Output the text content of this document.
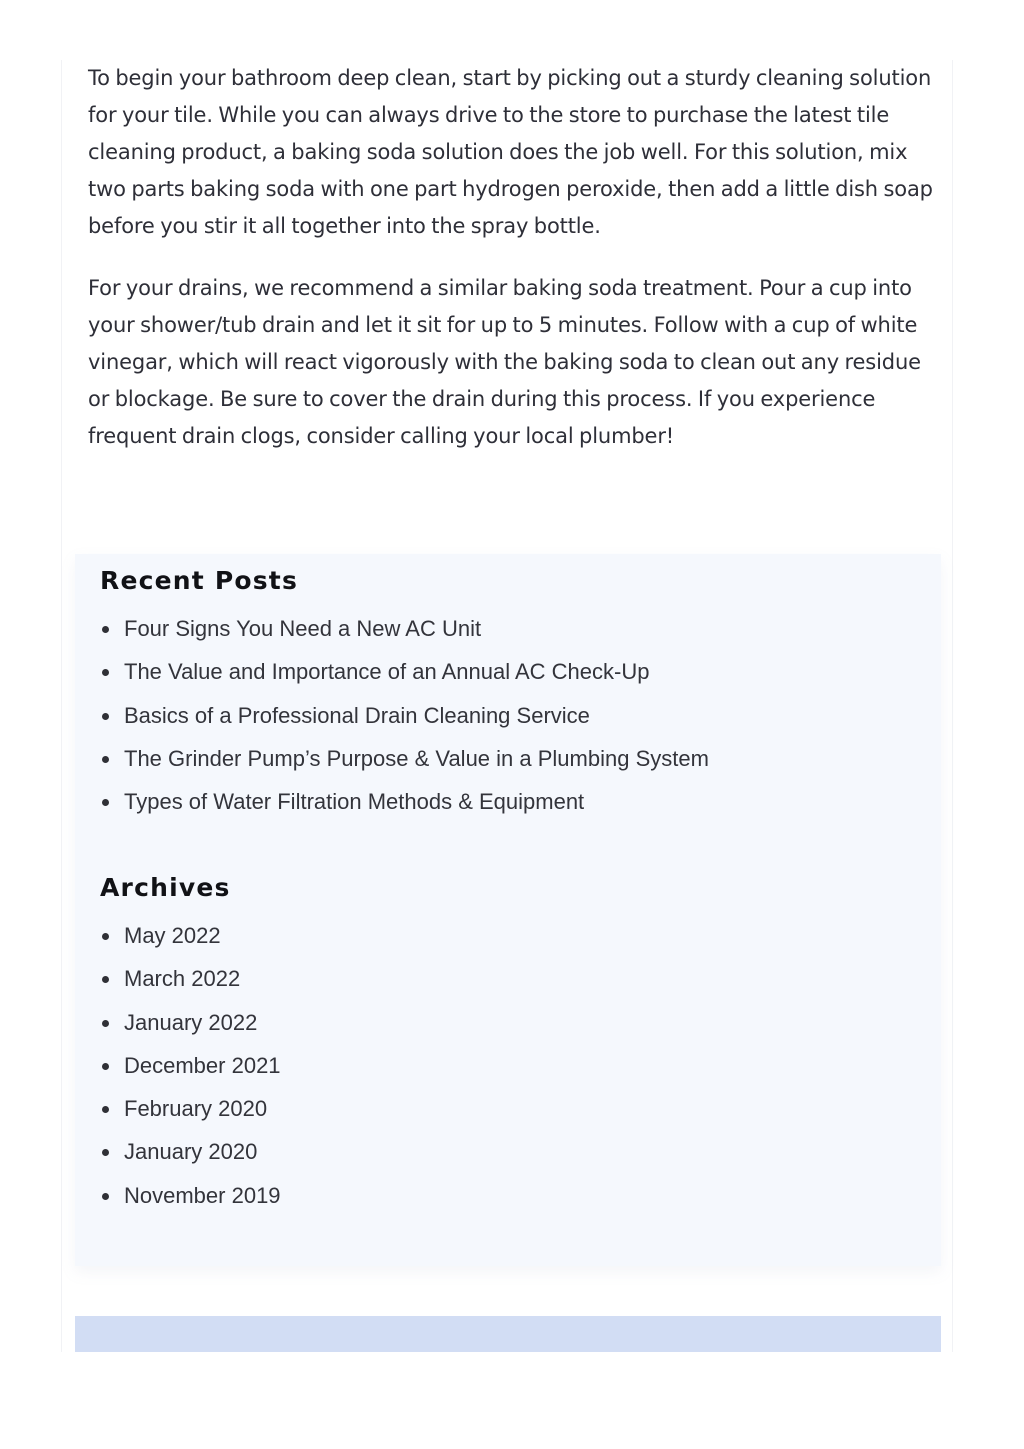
To begin your bathroom deep clean, start by picking out a sturdy cleaning solution for your tile. While you can always drive to the store to purchase the latest tile cleaning product, a baking soda solution does the job well. For this solution, mix two parts baking soda with one part hydrogen peroxide, then add a little dish soap before you stir it all together into the spray bottle.

For your drains, we recommend a similar baking soda treatment. Pour a cup into your shower/tub drain and let it sit for up to 5 minutes. Follow with a cup of white vinegar, which will react vigorously with the baking soda to clean out any residue or blockage. Be sure to cover the drain during this process. If you experience frequent drain clogs, consider calling your local plumber!

Recent Posts
Four Signs You Need a New AC Unit
The Value and Importance of an Annual AC Check-Up
Basics of a Professional Drain Cleaning Service
The Grinder Pump’s Purpose & Value in a Plumbing System
Types of Water Filtration Methods & Equipment
Archives
May 2022
March 2022
January 2022
December 2021
February 2020
January 2020
November 2019
